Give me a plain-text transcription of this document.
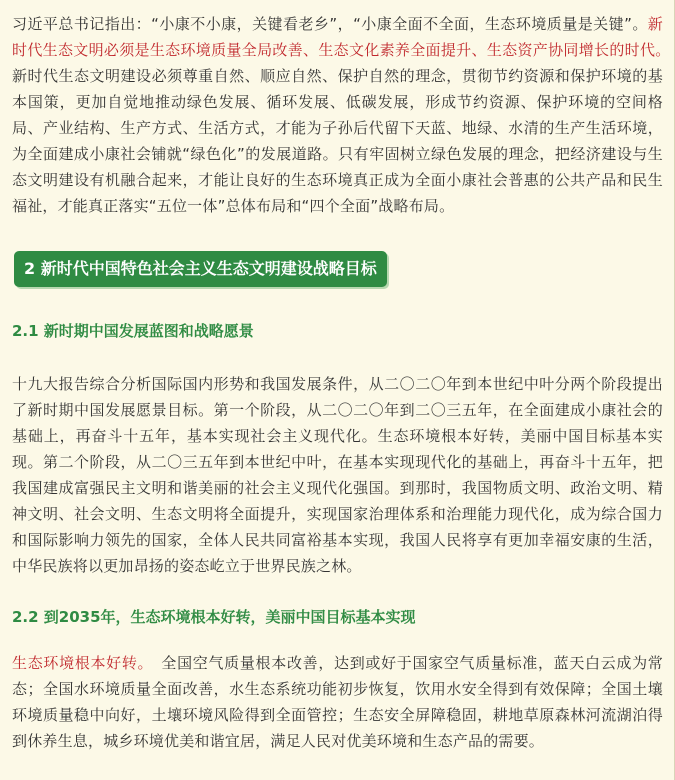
习近平总书记指出：“小康不小康，关键看老乡”，“小康全面不全面，生态环境质量是关键”。新时代生态文明必须是生态环境质量全局改善、生态文化素养全面提升、生态资产协同增长的时代。　新时代生态文明建设必须尊重自然、顺应自然、保护自然的理念，贯彻节约资源和保护环境的基本国策，更加自觉地推动绿色发展、循环发展、低碳发展，形成节约资源、保护环境的空间格局、产业结构、生产方式、生活方式，才能为子孙后代留下天蓝、地绿、水清的生产生活环境，为全面建成小康社会铺就“绿色化”的发展道路。只有牢固树立绿色发展的理念，把经济建设与生态文明建设有机融合起来，才能让良好的生态环境真正成为全面小康社会普惠的公共产品和民生福祉，才能真正落实“五位一体”总体布局和“四个全面”战略布局。

2 新时代中国特色社会主义生态文明建设战略目标
2.1 新时期中国发展蓝图和战略愿景

十九大报告综合分析国际国内形势和我国发展条件，从二〇二〇年到本世纪中叶分两个阶段提出了新时期中国发展愿景目标。第一个阶段，从二〇二〇年到二〇三五年，在全面建成小康社会的基础上，再奋斗十五年，基本实现社会主义现代化。生态环境根本好转，美丽中国目标基本实现。第二个阶段，从二〇三五年到本世纪中叶，在基本实现现代化的基础上，再奋斗十五年，把我国建成富强民主文明和谐美丽的社会主义现代化强国。到那时，我国物质文明、政治文明、精神文明、社会文明、生态文明将全面提升，实现国家治理体系和治理能力现代化，成为综合国力和国际影响力领先的国家，全体人民共同富裕基本实现，我国人民将享有更加幸福安康的生活，中华民族将以更加昂扬的姿态屹立于世界民族之林。

2.2 到2035年，生态环境根本好转，美丽中国目标基本实现

生态环境根本好转。　 全国空气质量根本改善，达到或好于国家空气质量标准，蓝天白云成为常态；全国水环境质量全面改善，水生态系统功能初步恢复，饮用水安全得到有效保障；全国土壤环境质量稳中向好，土壤环境风险得到全面管控；生态安全屏障稳固，耕地草原森林河流湖泊得到休养生息，城乡环境优美和谐宜居，满足人民对优美环境和生态产品的需要。
